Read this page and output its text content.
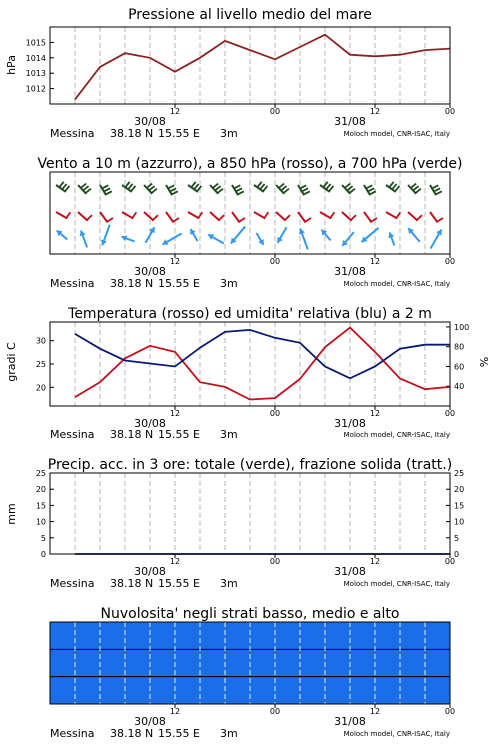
Pressione al livello medio del mare
1012
1013
1014
1015
hPa
12	00	12	00
30/08	31/08
Messina 38.18 N 15.55 E 3m	Moloch model, CNR-ISAC, Italy
Vento a 10 m (azzurro), a 850 hPa (rosso), a 700 hPa (verde)
12	00	12	00
30/08	31/08
Messina 38.18 N 15.55 E 3m	Moloch model, CNR-ISAC, Italy
Temperatura (rosso) ed umidita' relativa (blu) a 2 m
20
25
30
40
60
80
100
gradi C	%
12	00	12	00
30/08	31/08
Messina 38.18 N 15.55 E 3m	Moloch model, CNR-ISAC, Italy
Precip. acc. in 3 ore: totale (verde), frazione solida (tratt.)
0
5
10
15
20
25
0
5
10
15
20
25
mm
12	00	12	00
30/08	31/08
Messina 38.18 N 15.55 E 3m	Moloch model, CNR-ISAC, Italy
Nuvolosita' negli strati basso, medio e alto
12	00	12	00
30/08	31/08
Messina 38.18 N 15.55 E 3m	Moloch model, CNR-ISAC, Italy
